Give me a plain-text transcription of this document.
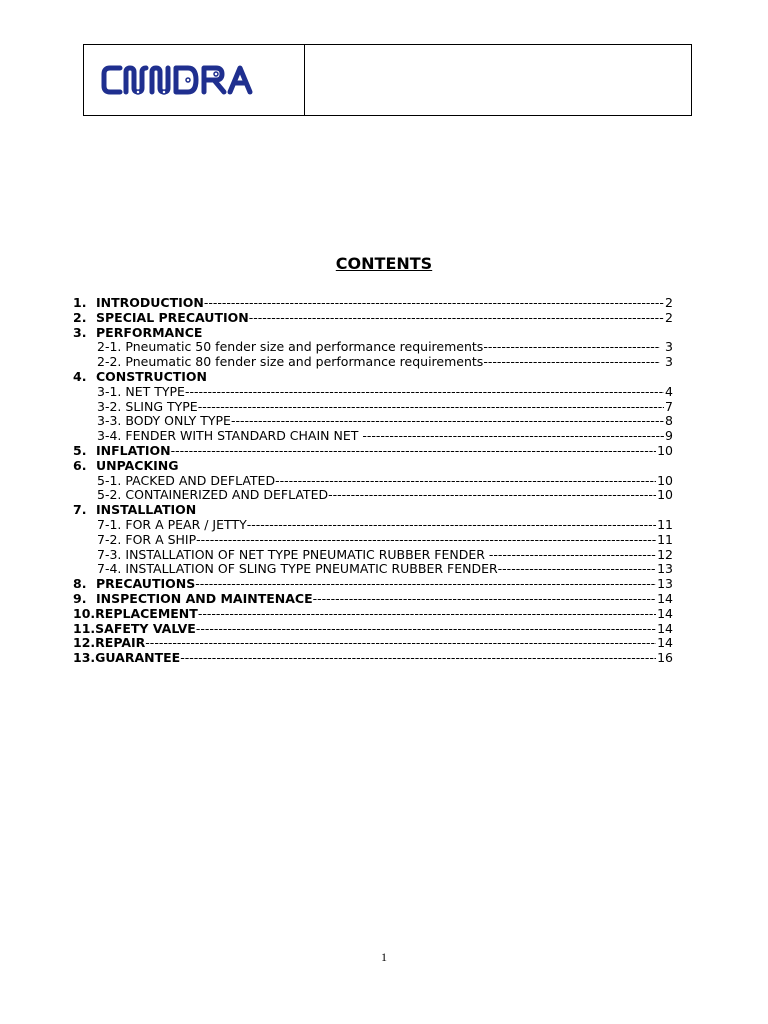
CONTENTS
1. INTRODUCTION -----	2
2. SPECIAL PRECAUTION -----	2
3. PERFORMANCE
2-1. Pneumatic 50 fender size and performance requirements -----	3
2-2. Pneumatic 80 fender size and performance requirements -----	3
4. CONSTRUCTION
3-1. NET TYPE -----	4
3-2. SLING TYPE -----	7
3-3. BODY ONLY TYPE -----	8
3-4. FENDER WITH STANDARD CHAIN NET -----	9
5. INFLATION -----	10
6. UNPACKING
5-1. PACKED AND DEFLATED -----	10
5-2. CONTAINERIZED AND DEFLATED -----	10
7. INSTALLATION
7-1. FOR A PEAR / JETTY -----	11
7-2. FOR A SHIP -----	11
7-3. INSTALLATION OF NET TYPE PNEUMATIC RUBBER FENDER -----	12
7-4. INSTALLATION OF SLING TYPE PNEUMATIC RUBBER FENDER -----	13
8. PRECAUTIONS -----	13
9. INSPECTION AND MAINTENACE -----	14
10. REPLACEMENT -----	14
11. SAFETY VALVE -----	14
12. REPAIR -----	14
13. GUARANTEE -----	16
1
